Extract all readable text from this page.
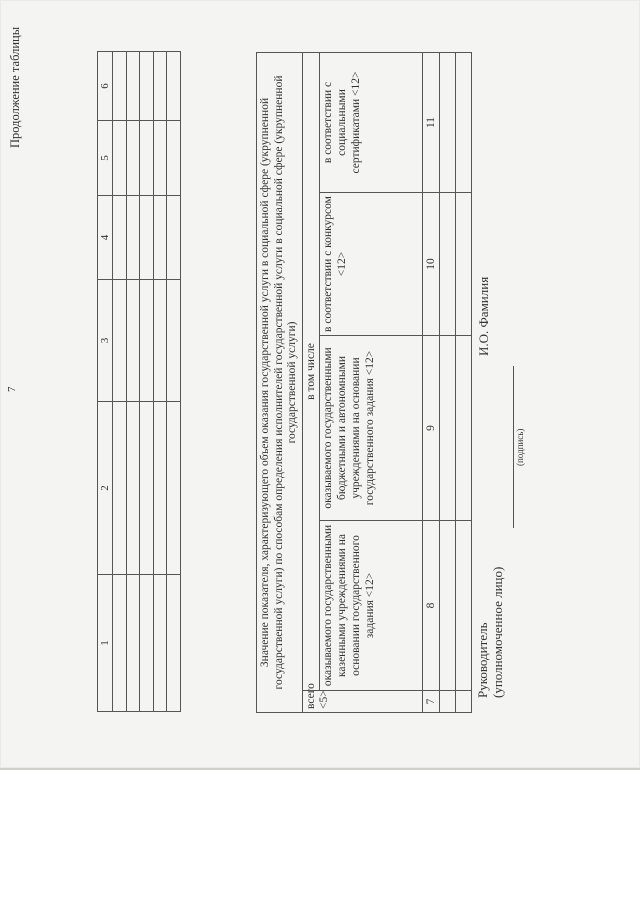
7
Продолжение таблицы
1	2	3	4	5	6

Значение показателя, характеризующего объем оказания государственной услуги в социальной сфере (укрупненной государственной услуги) по способам определения исполнителей государственной услуги в социальной сфере (укрупненной государственной услуги)				
всего <5>	в том числе			
	оказываемого государственными казенными учреждениями на основании государственного задания <12>	оказываемого государственными бюджетными и автономными учреждениями на основании государственного задания <12>	в соответствии с конкурсом <12>	в соответствии с социальными сертификатами <12>
7	8	9	10	11

Руководитель (уполномоченное лицо)
(подпись)
И.О. Фамилия
